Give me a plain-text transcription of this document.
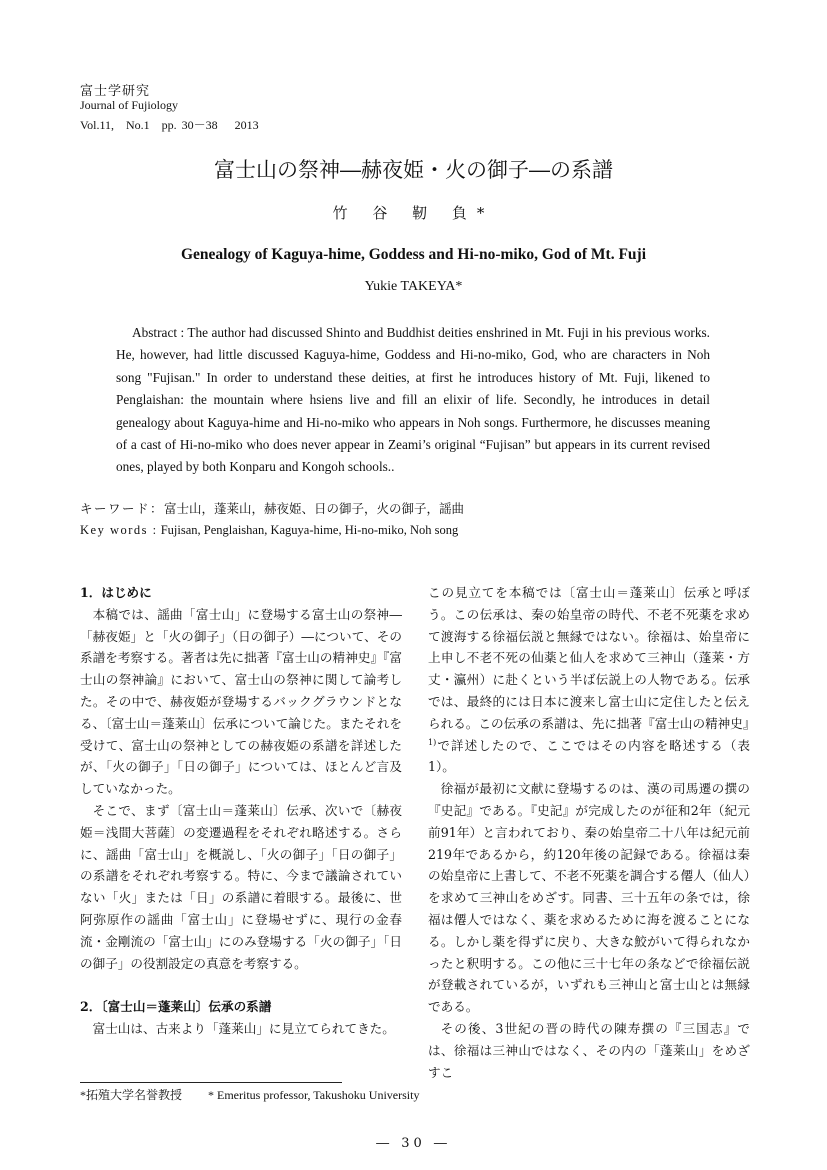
富士学研究
Journal of Fujiology
Vol.11,　No.1　pp. 30－38　 2013
富士山の祭神―赫夜姫・火の御子―の系譜
竹 谷 靭 負*
Genealogy of Kaguya-hime, Goddess and Hi-no-miko, God of Mt. Fuji
Yukie TAKEYA*
Abstract : The author had discussed Shinto and Buddhist deities enshrined in Mt. Fuji in his previous works. He, however, had little discussed Kaguya-hime, Goddess and Hi-no-miko, God, who are characters in Noh song "Fujisan." In order to understand these deities, at first he introduces history of Mt. Fuji, likened to Penglaishan: the mountain where hsiens live and fill an elixir of life. Secondly, he introduces in detail genealogy about Kaguya-hime and Hi-no-miko who appears in Noh songs. Furthermore, he discusses meaning of a cast of Hi-no-miko who does never appear in Zeami’s original “Fujisan” but appears in its current revised ones, played by both Konparu and Kongoh schools..
キーワード：富士山，蓬莱山，赫夜姫、日の御子，火の御子，謡曲
Key words : Fujisan, Penglaishan, Kaguya-hime, Hi-no-miko, Noh song
1．はじめに

本稿では、謡曲「富士山」に登場する富士山の祭神―「赫夜姫」と「火の御子」（日の御子）―について、その系譜を考察する。著者は先に拙著『富士山の精神史』『富士山の祭神論』において、富士山の祭神に関して論考した。その中で、赫夜姫が登場するバックグラウンドとなる、〔富士山＝蓬莱山〕伝承について論じた。またそれを受けて、富士山の祭神としての赫夜姫の系譜を詳述したが、「火の御子」「日の御子」については、ほとんど言及していなかった。

そこで、まず〔富士山＝蓬莱山〕伝承、次いで〔赫夜姫＝浅間大菩薩〕の変遷過程をそれぞれ略述する。さらに、謡曲「富士山」を概説し、「火の御子」「日の御子」の系譜をそれぞれ考察する。特に、今まで議論されていない「火」または「日」の系譜に着眼する。最後に、世阿弥原作の謡曲「富士山」に登場せずに、現行の金春流・金剛流の「富士山」にのみ登場する「火の御子」「日の御子」の役割設定の真意を考察する。

2．〔富士山＝蓬莱山〕伝承の系譜

富士山は、古来より「蓬莱山」に見立てられてきた。

この見立てを本稿では〔富士山＝蓬莱山〕伝承と呼ぼう。この伝承は、秦の始皇帝の時代、不老不死薬を求めて渡海する徐福伝説と無縁ではない。徐福は、始皇帝に上申し不老不死の仙薬と仙人を求めて三神山（蓬莱・方丈・瀛州）に赴くという半ば伝説上の人物である。伝承では、最終的には日本に渡来し富士山に定住したと伝えられる。この伝承の系譜は、先に拙著『富士山の精神史』$^{1)}$で詳述したので、ここではその内容を略述する（表1）。

徐福が最初に文献に登場するのは、漢の司馬遷の撰の『史記』である。『史記』が完成したのが征和2年（紀元前91年）と言われており、秦の始皇帝二十八年は紀元前219年であるから，約120年後の記録である。徐福は秦の始皇帝に上書して、不老不死薬を調合する僊人（仙人）を求めて三神山をめざす。同書、三十五年の条では，徐福は僊人ではなく、薬を求めるために海を渡ることになる。しかし薬を得ずに戻り、大きな鮫がいて得られなかったと釈明する。この他に三十七年の条などで徐福伝説が登載されているが，いずれも三神山と富士山とは無縁である。

その後、3世紀の晋の時代の陳寿撰の『三国志』では、徐福は三神山ではなく、その内の「蓬莱山」をめざすこ

*拓殖大学名誉教授 * Emeritus professor, Takushoku University
― 30 ―
